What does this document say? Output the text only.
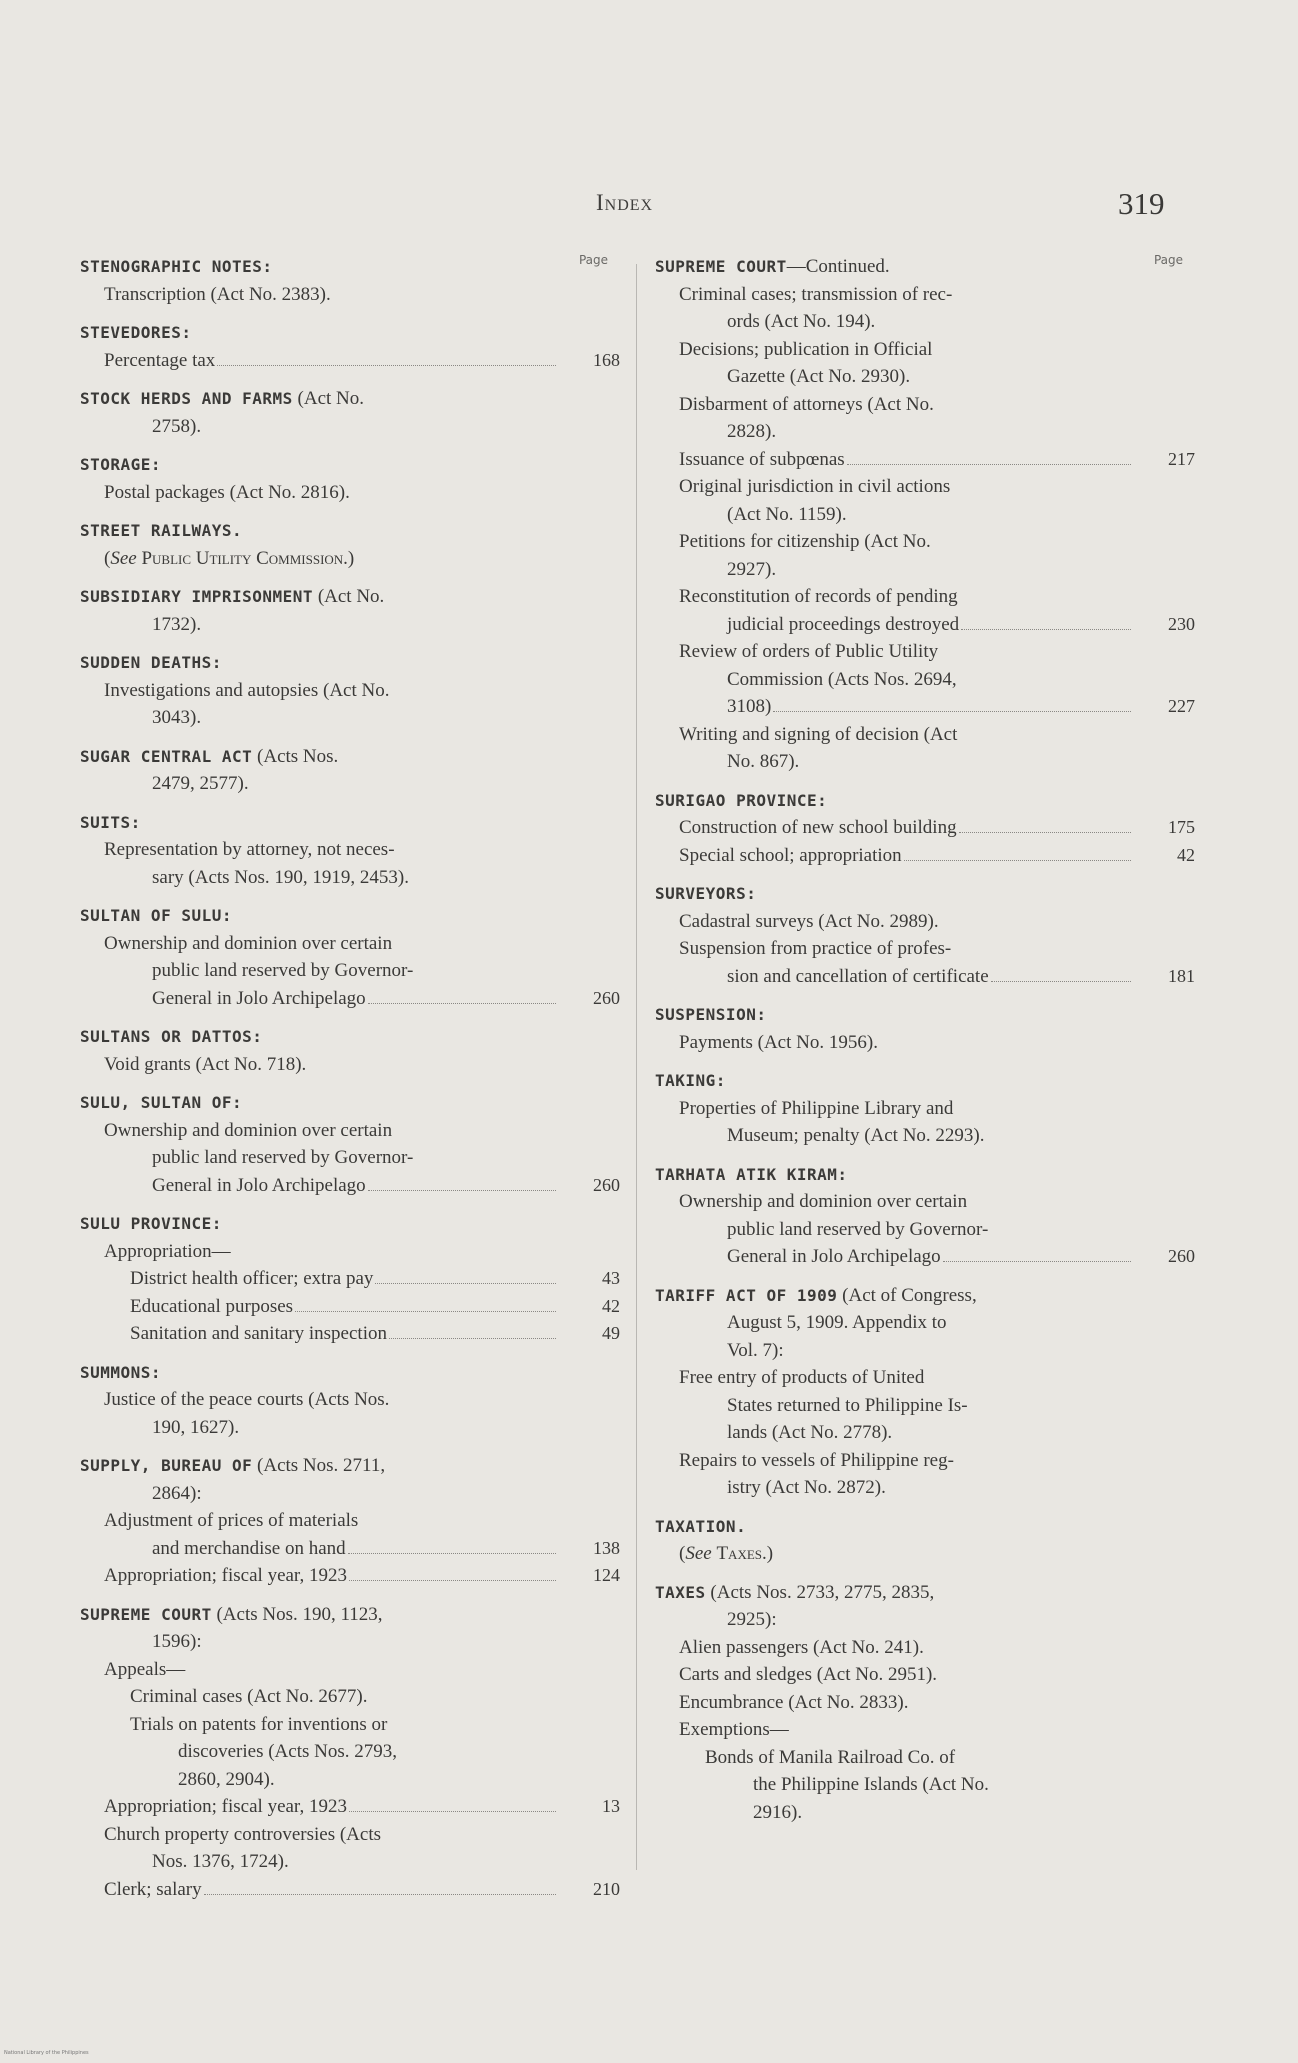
Index	319
Page
STENOGRAPHIC NOTES:
Transcription (Act No. 2383).
STEVEDORES:
Percentage tax	168
STOCK HERDS AND FARMS (Act No.
2758).
STORAGE:
Postal packages (Act No. 2816).
STREET RAILWAYS.
(See Public Utility Commission.)
SUBSIDIARY IMPRISONMENT (Act No.
1732).
SUDDEN DEATHS:
Investigations and autopsies (Act No.
3043).
SUGAR CENTRAL ACT (Acts Nos.
2479, 2577).
SUITS:
Representation by attorney, not neces-
sary (Acts Nos. 190, 1919, 2453).
SULTAN OF SULU:
Ownership and dominion over certain
public land reserved by Governor-
General in Jolo Archipelago	260
SULTANS OR DATTOS:
Void grants (Act No. 718).
SULU, SULTAN OF:
Ownership and dominion over certain
public land reserved by Governor-
General in Jolo Archipelago	260
SULU PROVINCE:
Appropriation—
District health officer; extra pay	43
Educational purposes	42
Sanitation and sanitary inspection	49
SUMMONS:
Justice of the peace courts (Acts Nos.
190, 1627).
SUPPLY, BUREAU OF (Acts Nos. 2711,
2864):
Adjustment of prices of materials
and merchandise on hand	138
Appropriation; fiscal year, 1923	124
SUPREME COURT (Acts Nos. 190, 1123,
1596):
Appeals—
Criminal cases (Act No. 2677).
Trials on patents for inventions or
discoveries (Acts Nos. 2793,
2860, 2904).
Appropriation; fiscal year, 1923	13
Church property controversies (Acts
Nos. 1376, 1724).
Clerk; salary	210
Page
SUPREME COURT—Continued.
Criminal cases; transmission of rec-
ords (Act No. 194).
Decisions; publication in Official
Gazette (Act No. 2930).
Disbarment of attorneys (Act No.
2828).
Issuance of subpœnas	217
Original jurisdiction in civil actions
(Act No. 1159).
Petitions for citizenship (Act No.
2927).
Reconstitution of records of pending
judicial proceedings destroyed	230
Review of orders of Public Utility
Commission (Acts Nos. 2694,
3108)	227
Writing and signing of decision (Act
No. 867).
SURIGAO PROVINCE:
Construction of new school building	175
Special school; appropriation	42
SURVEYORS:
Cadastral surveys (Act No. 2989).
Suspension from practice of profes-
sion and cancellation of certificate	181
SUSPENSION:
Payments (Act No. 1956).
TAKING:
Properties of Philippine Library and
Museum; penalty (Act No. 2293).
TARHATA ATIK KIRAM:
Ownership and dominion over certain
public land reserved by Governor-
General in Jolo Archipelago	260
TARIFF ACT OF 1909 (Act of Congress,
August 5, 1909. Appendix to
Vol. 7):
Free entry of products of United
States returned to Philippine Is-
lands (Act No. 2778).
Repairs to vessels of Philippine reg-
istry (Act No. 2872).
TAXATION.
(See Taxes.)
TAXES (Acts Nos. 2733, 2775, 2835,
2925):
Alien passengers (Act No. 241).
Carts and sledges (Act No. 2951).
Encumbrance (Act No. 2833).
Exemptions—
Bonds of Manila Railroad Co. of
the Philippine Islands (Act No.
2916).
National Library of the Philippines
